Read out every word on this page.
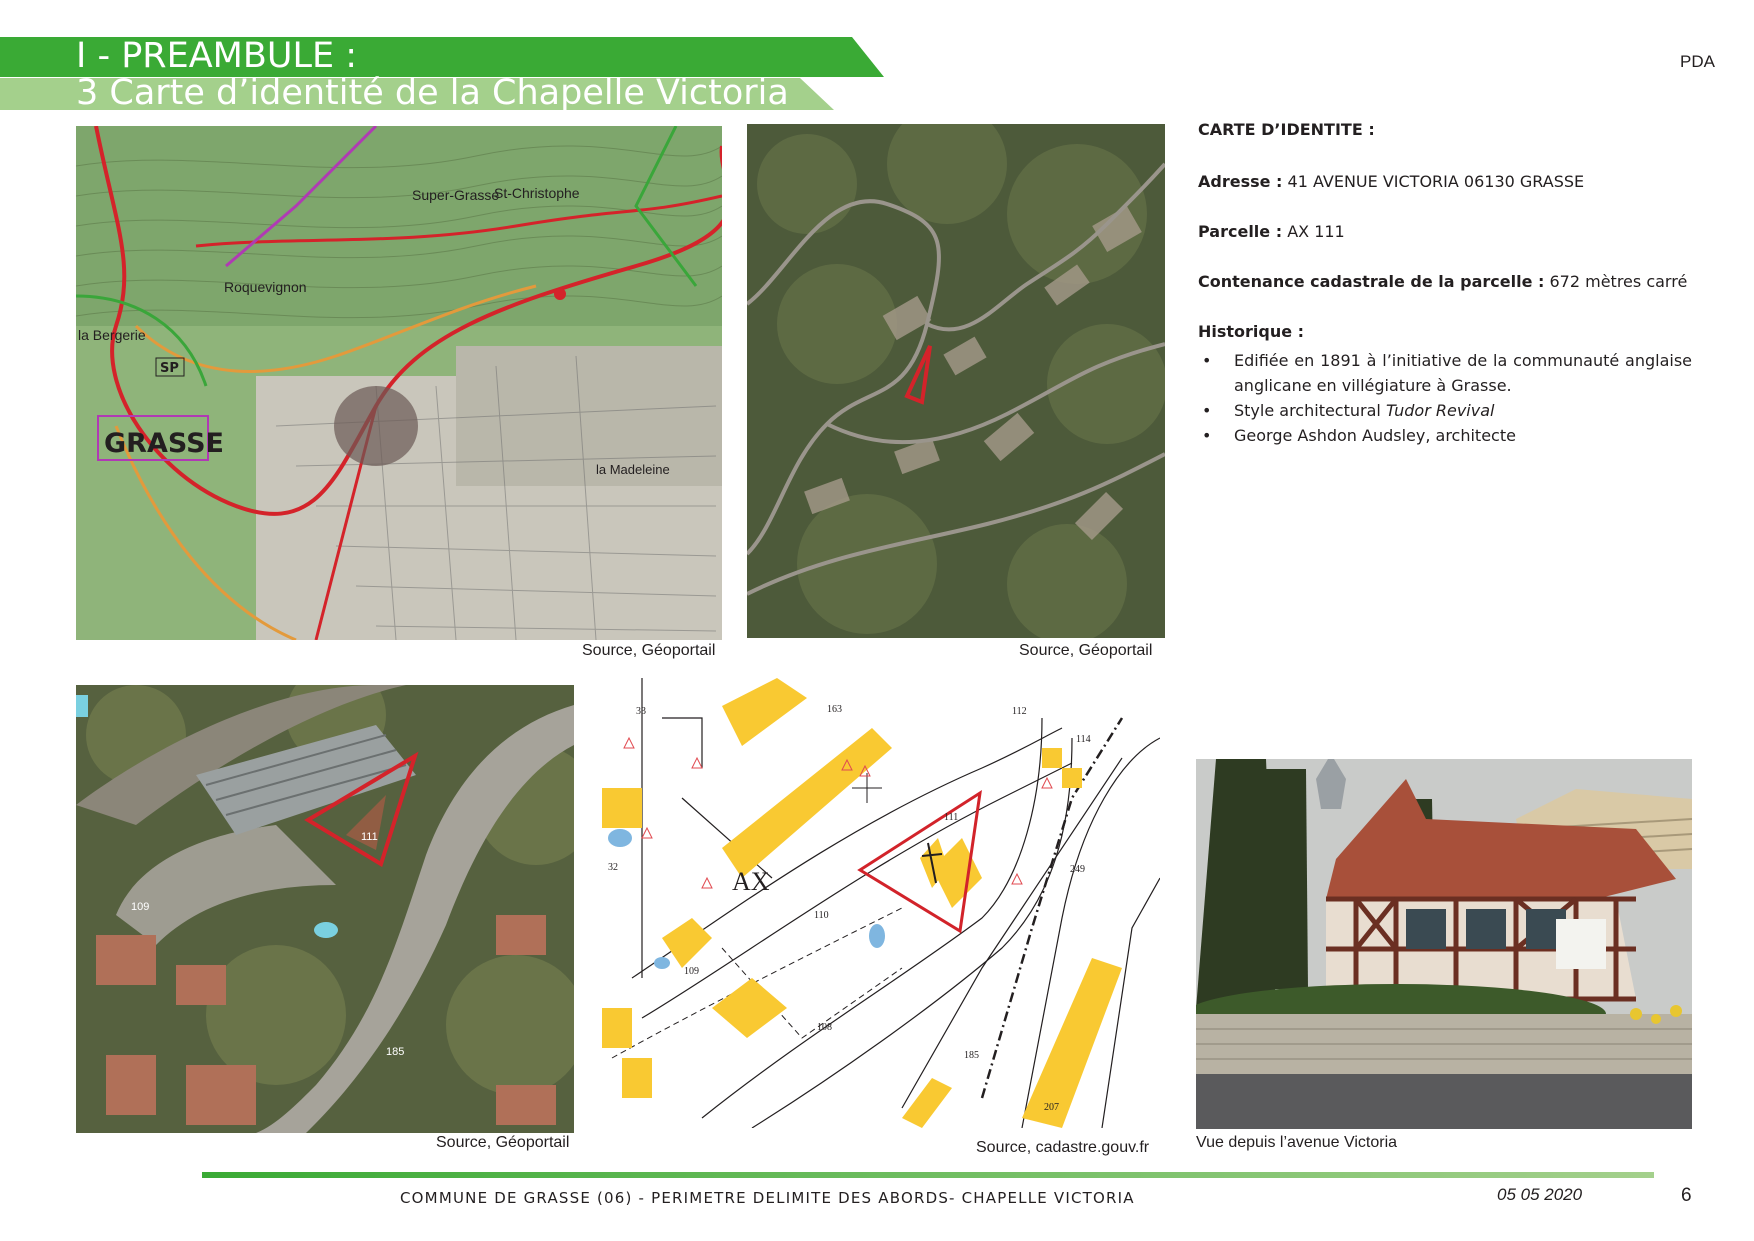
I - PREAMBULE :
3 Carte d’identité de la Chapelle Victoria
PDA
GRASSE
SP
St-Christophe
Super-Grasse
Roquevignon
la Bergerie
la Madeleine
Source, Géoportail	Source, Géoportail
111
109
185
Source, Géoportail
AX
111
110
109
163
108
185
249
207
112
114
33
32
Source, cadastre.gouv.fr	Vue depuis l’avenue Victoria
CARTE D’IDENTITE :
Adresse : 41 AVENUE VICTORIA 06130 GRASSE
Parcelle : AX 111
Contenance cadastrale de la parcelle : 672 mètres carré
Historique :
• Edifiée en 1891 à l’initiative de la communauté anglaise anglicane en villégiature à Grasse.
• Style architectural Tudor Revival
• George Ashdon Audsley, architecte
COMMUNE DE GRASSE (06) - PERIMETRE DELIMITE DES ABORDS- CHAPELLE VICTORIA	05 05 2020	6
